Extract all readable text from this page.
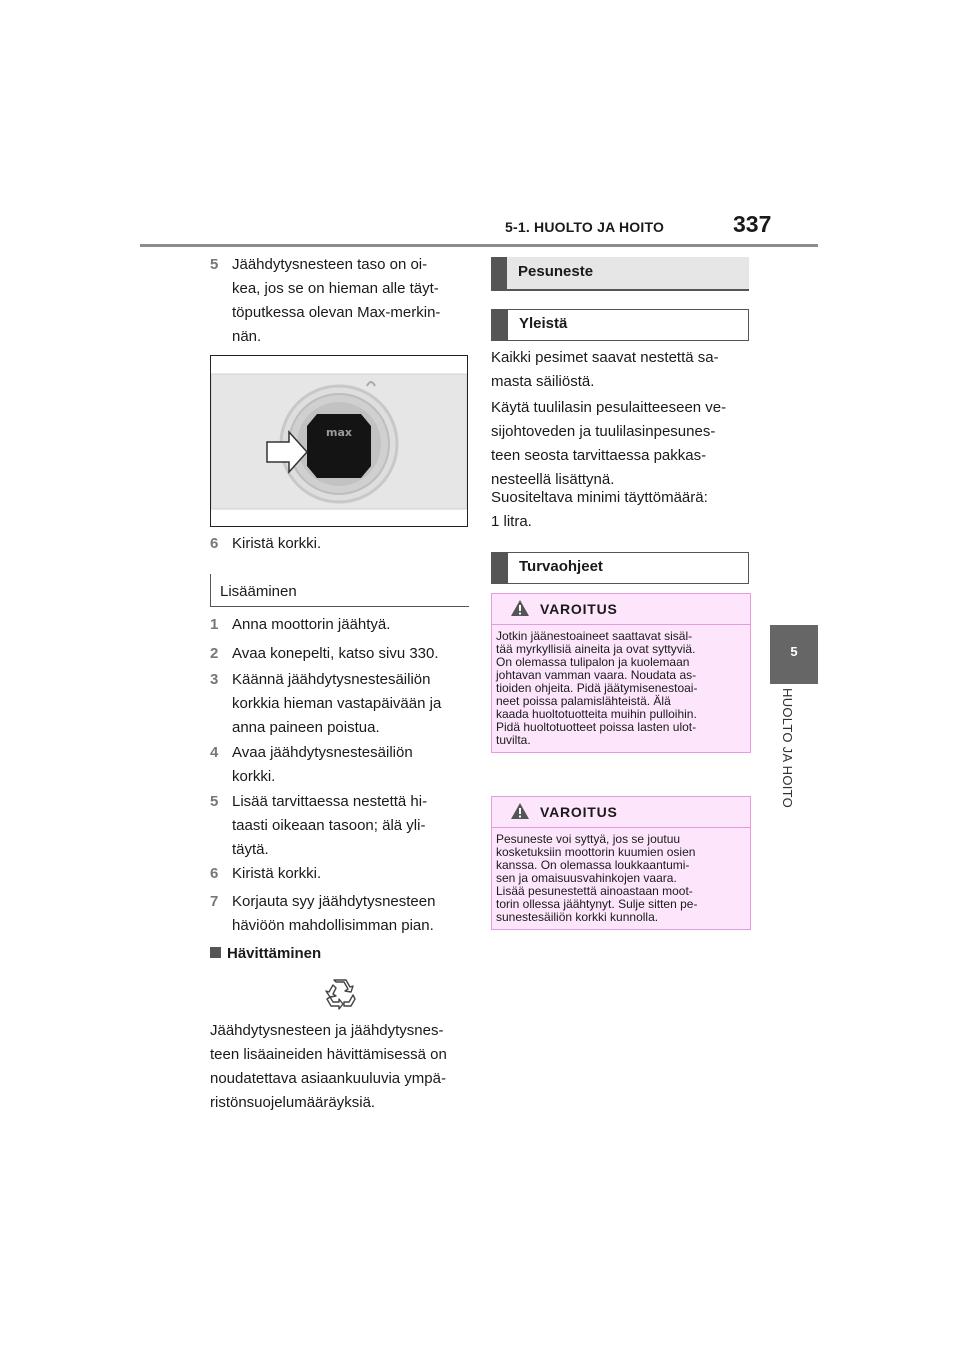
5-1. HUOLTO JA HOITO	337
5
HUOLTO JA HOITO
5 Jäähdytysnesteen taso on oi-
kea, jos se on hieman alle täyt-
töputkessa olevan Max-merkin-
nän.
max
6 Kiristä korkki.
Lisääminen
1 Anna moottorin jäähtyä.
2 Avaa konepelti, katso sivu 330.
3 Käännä jäähdytysnestesäiliön
korkkia hieman vastapäivään ja
anna paineen poistua.
4 Avaa jäähdytysnestesäiliön
korkki.
5 Lisää tarvittaessa nestettä hi-
taasti oikeaan tasoon; älä yli-
täytä.
6 Kiristä korkki.
7 Korjauta syy jäähdytysnesteen
häviöön mahdollisimman pian.
Hävittäminen
Jäähdytysnesteen ja jäähdytysnes-
teen lisäaineiden hävittämisessä on
noudatettava asiaankuuluvia ympä-
ristönsuojelumääräyksiä.
Pesuneste
Yleistä
Kaikki pesimet saavat nestettä sa-
masta säiliöstä.
Käytä tuulilasin pesulaitteeseen ve-
sijohtoveden ja tuulilasinpesunes-
teen seosta tarvittaessa pakkas-
nesteellä lisättynä.
Suositeltava minimi täyttömäärä:
1 litra.
Turvaohjeet
VAROITUS
Jotkin jäänestoaineet saattavat sisäl-
tää myrkyllisiä aineita ja ovat syttyviä.
On olemassa tulipalon ja kuolemaan
johtavan vamman vaara. Noudata as-
tioiden ohjeita. Pidä jäätymisenestoai-
neet poissa palamislähteistä. Älä
kaada huoltotuotteita muihin pulloihin.
Pidä huoltotuotteet poissa lasten ulot-
tuvilta.
VAROITUS
Pesuneste voi syttyä, jos se joutuu
kosketuksiin moottorin kuumien osien
kanssa. On olemassa loukkaantumi-
sen ja omaisuusvahinkojen vaara.
Lisää pesunestettä ainoastaan moot-
torin ollessa jäähtynyt. Sulje sitten pe-
sunestesäiliön korkki kunnolla.
